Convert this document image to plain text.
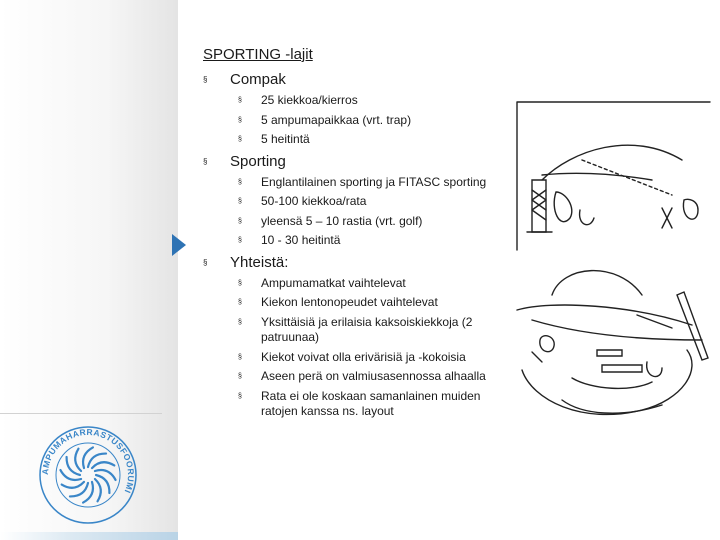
AMPUMAHARRASTUSFOORUMI
SPORTING -lajit
§ Compak
§ 25 kiekkoa/kierros
§ 5 ampumapaikkaa (vrt. trap)
§ 5 heitintä
§ Sporting
§ Englantilainen sporting ja FITASC sporting
§ 50-100 kiekkoa/rata
§ yleensä 5 – 10 rastia (vrt. golf)
§ 10 - 30 heitintä
§ Yhteistä:
§ Ampumamatkat vaihtelevat
§ Kiekon lentonopeudet vaihtelevat
§ Yksittäisiä ja erilaisia kaksoiskiekkoja (2 patruunaa)
§ Kiekot voivat olla erivärisiä ja -kokoisia
§ Aseen perä on valmiusasennossa alhaalla
§ Rata ei ole koskaan samanlainen muiden ratojen kanssa ns. layout
